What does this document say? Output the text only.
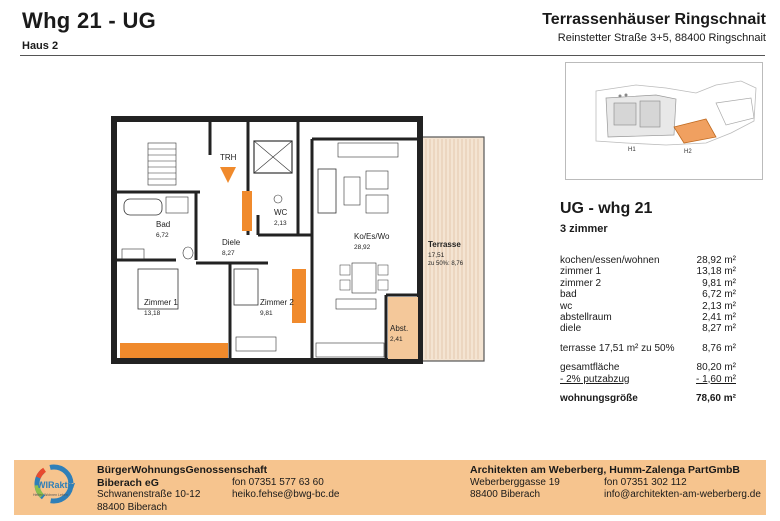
Whg 21 - UG
Haus 2
Terrassenhäuser Ringschnait
Reinstetter Straße 3+5, 88400 Ringschnait
H1	H2
TRH
Bad
6,72
WC
2,13
Diele
8,27
Ko/Es/Wo
28,92
Zimmer 1
13,18
Zimmer 2
9,81
Abst.
2,41
Terrasse
17,51
zu 50%: 8,76
UG - whg 21
3 zimmer
kochen/essen/wohnen	28,92 m²
zimmer 1	13,18 m²
zimmer 2	9,81 m²
bad	6,72 m²
wc	2,13 m²
abstellraum	2,41 m²
diele	8,27 m²
terrasse 17,51 m² zu 50%	8,76 m²
gesamtfläche	80,20 m²
- 2% putzabzug	- 1,60 m²
wohnungsgröße	78,60 m²
WIRaktiv
Helfen Wohnen Leben
BürgerWohnungsGenossenschaft Biberach eG
Schwanenstraße 10-12
88400 Biberach
fon 07351 577 63 60
heiko.fehse@bwg-bc.de
Architekten am Weberberg, Humm-Zalenga PartGmbB
Weberberggasse 19
88400 Biberach
fon 07351 302 112
info@architekten-am-weberberg.de
